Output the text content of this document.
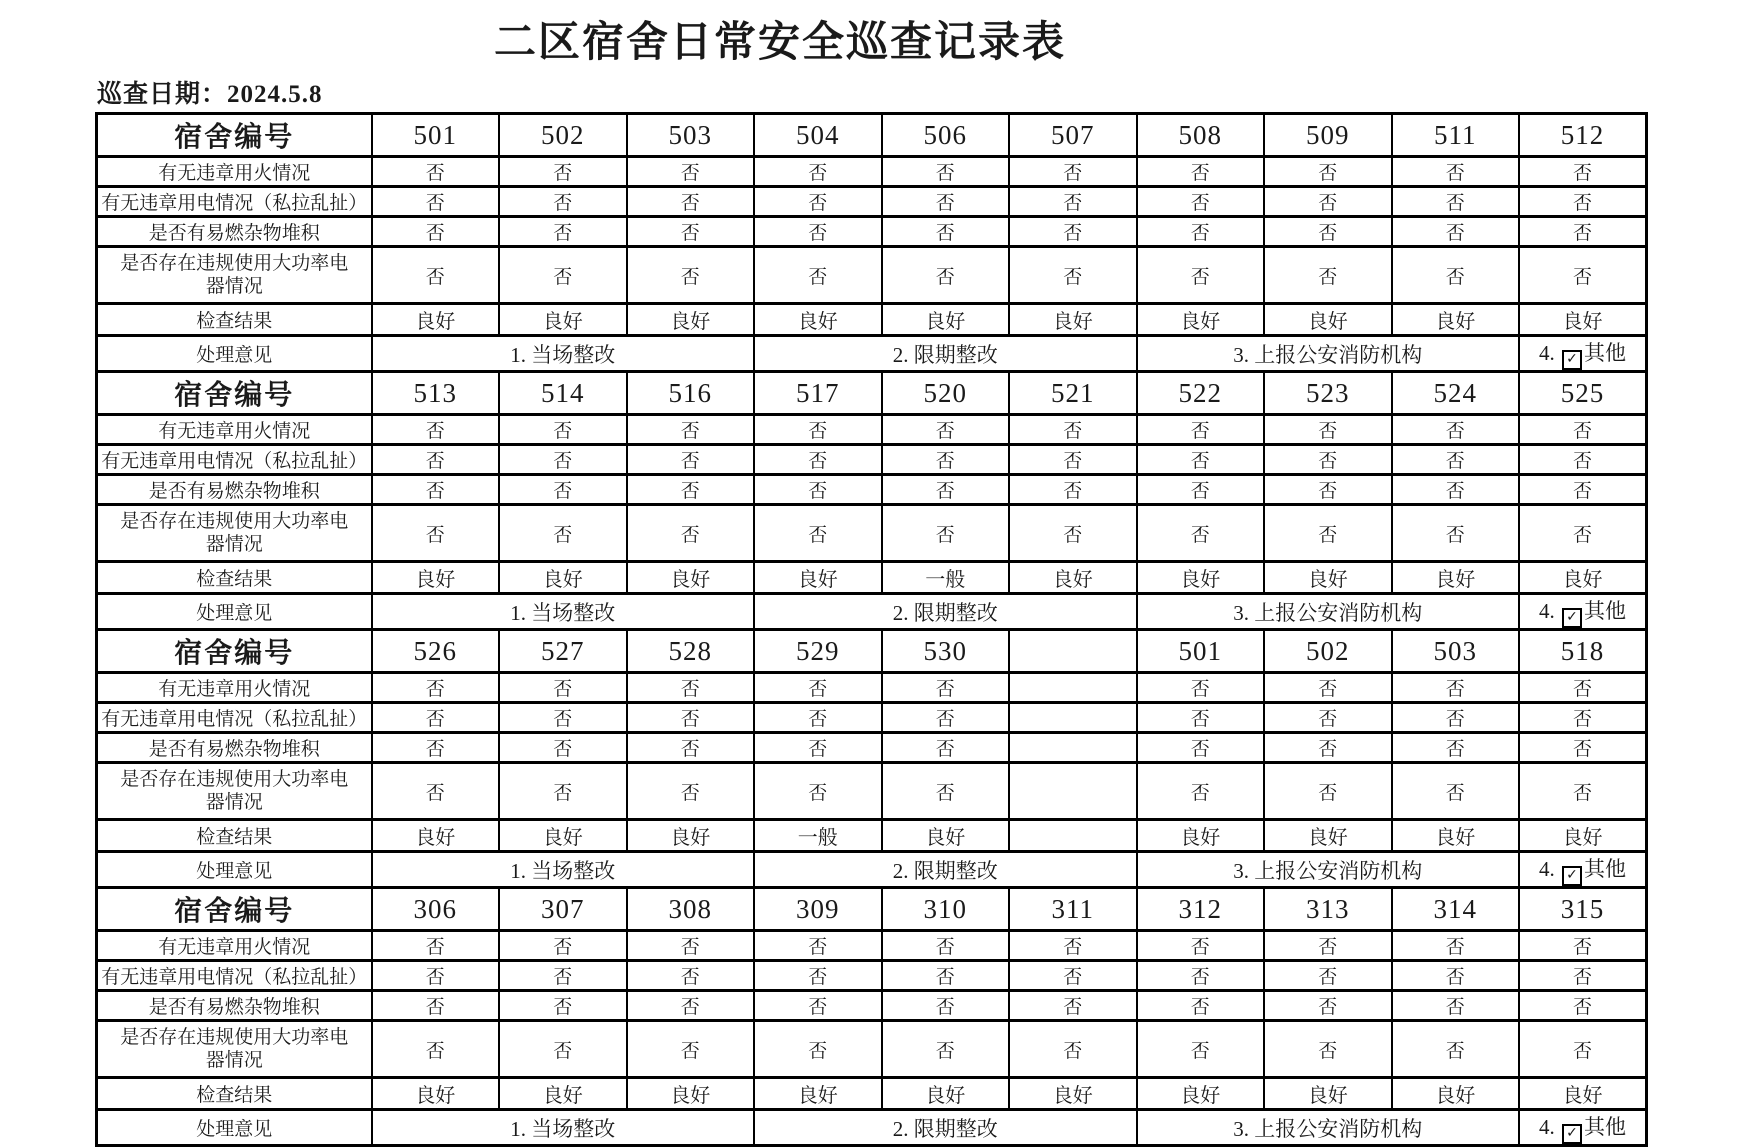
二区宿舍日常安全巡查记录表
巡查日期：2024.5.8
宿舍编号	501	502	503	504	506	507	508	509	511	512
有无违章用火情况	否	否	否	否	否	否	否	否	否	否
有无违章用电情况（私拉乱扯）	否	否	否	否	否	否	否	否	否	否
是否有易燃杂物堆积	否	否	否	否	否	否	否	否	否	否
是否存在违规使用大功率电器情况	否	否	否	否	否	否	否	否	否	否
检查结果	良好	良好	良好	良好	良好	良好	良好	良好	良好	良好
处理意见	1. 当场整改			2. 限期整改			3. 上报公安消防机构			4. ✓ 其他
宿舍编号	513	514	516	517	520	521	522	523	524	525
有无违章用火情况	否	否	否	否	否	否	否	否	否	否
有无违章用电情况（私拉乱扯）	否	否	否	否	否	否	否	否	否	否
是否有易燃杂物堆积	否	否	否	否	否	否	否	否	否	否
是否存在违规使用大功率电器情况	否	否	否	否	否	否	否	否	否	否
检查结果	良好	良好	良好	良好	一般	良好	良好	良好	良好	良好
处理意见	1. 当场整改			2. 限期整改			3. 上报公安消防机构			4. ✓ 其他
宿舍编号	526	527	528	529	530		501	502	503	518
有无违章用火情况	否	否	否	否	否		否	否	否	否
有无违章用电情况（私拉乱扯）	否	否	否	否	否		否	否	否	否
是否有易燃杂物堆积	否	否	否	否	否		否	否	否	否
是否存在违规使用大功率电器情况	否	否	否	否	否		否	否	否	否
检查结果	良好	良好	良好	一般	良好		良好	良好	良好	良好
处理意见	1. 当场整改			2. 限期整改			3. 上报公安消防机构			4. ✓ 其他
宿舍编号	306	307	308	309	310	311	312	313	314	315
有无违章用火情况	否	否	否	否	否	否	否	否	否	否
有无违章用电情况（私拉乱扯）	否	否	否	否	否	否	否	否	否	否
是否有易燃杂物堆积	否	否	否	否	否	否	否	否	否	否
是否存在违规使用大功率电器情况	否	否	否	否	否	否	否	否	否	否
检查结果	良好	良好	良好	良好	良好	良好	良好	良好	良好	良好
处理意见	1. 当场整改			2. 限期整改			3. 上报公安消防机构			4. ✓ 其他
